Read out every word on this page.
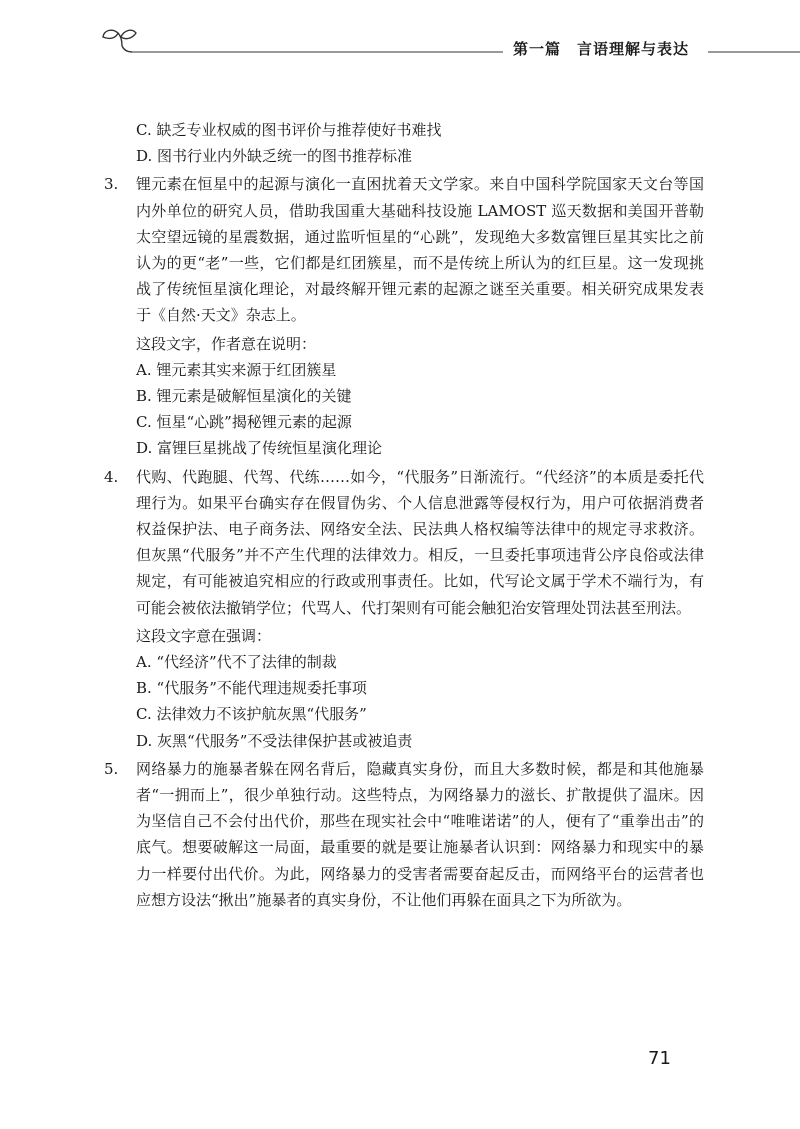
第一篇　言语理解与表达
C. 缺乏专业权威的图书评价与推荐使好书难找
D. 图书行业内外缺乏统一的图书推荐标准
3.	锂元素在恒星中的起源与演化一直困扰着天文学家。来自中国科学院国家天文台等国内外单位的研究人员，借助我国重大基础科技设施 LAMOST 巡天数据和美国开普勒太空望远镜的星震数据，通过监听恒星的“心跳”，发现绝大多数富锂巨星其实比之前认为的更“老”一些，它们都是红团簇星，而不是传统上所认为的红巨星。这一发现挑战了传统恒星演化理论，对最终解开锂元素的起源之谜至关重要。相关研究成果发表于《自然·天文》杂志上。
这段文字，作者意在说明：
A. 锂元素其实来源于红团簇星
B. 锂元素是破解恒星演化的关键
C. 恒星“心跳”揭秘锂元素的起源
D. 富锂巨星挑战了传统恒星演化理论
4.	代购、代跑腿、代驾、代练……如今，“代服务”日渐流行。“代经济”的本质是委托代理行为。如果平台确实存在假冒伪劣、个人信息泄露等侵权行为，用户可依据消费者权益保护法、电子商务法、网络安全法、民法典人格权编等法律中的规定寻求救济。但灰黑“代服务”并不产生代理的法律效力。相反，一旦委托事项违背公序良俗或法律规定，有可能被追究相应的行政或刑事责任。比如，代写论文属于学术不端行为，有可能会被依法撤销学位；代骂人、代打架则有可能会触犯治安管理处罚法甚至刑法。
这段文字意在强调：
A. “代经济”代不了法律的制裁
B. “代服务”不能代理违规委托事项
C. 法律效力不该护航灰黑“代服务”
D. 灰黑“代服务”不受法律保护甚或被追责
5.	网络暴力的施暴者躲在网名背后，隐藏真实身份，而且大多数时候，都是和其他施暴者“一拥而上”，很少单独行动。这些特点，为网络暴力的滋长、扩散提供了温床。因为坚信自己不会付出代价，那些在现实社会中“唯唯诺诺”的人，便有了“重拳出击”的底气。想要破解这一局面，最重要的就是要让施暴者认识到：网络暴力和现实中的暴力一样要付出代价。为此，网络暴力的受害者需要奋起反击，而网络平台的运营者也应想方设法“揪出”施暴者的真实身份，不让他们再躲在面具之下为所欲为。
71
